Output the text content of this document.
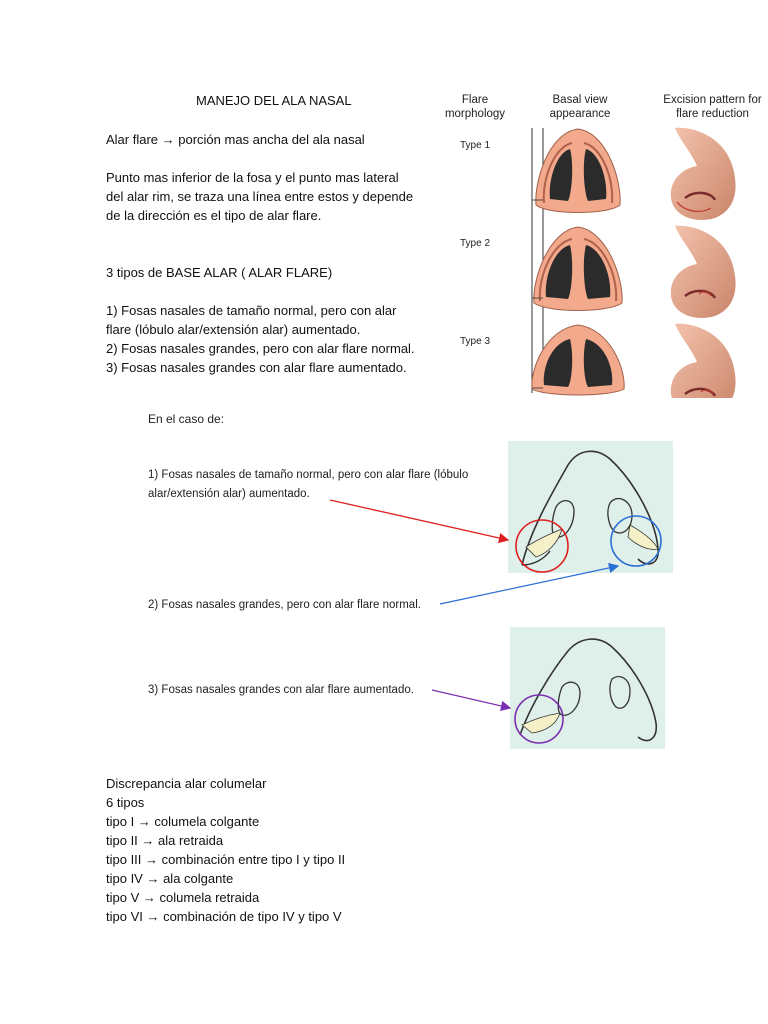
MANEJO DEL ALA NASAL
Alar flare → porción mas ancha del ala nasal
Punto mas inferior de la fosa y el punto mas lateral
del alar rim, se traza una línea entre estos y depende
de la dirección es el tipo de alar flare.
3 tipos de BASE ALAR ( ALAR FLARE)
1) Fosas nasales de tamaño normal, pero con alar
flare (lóbulo alar/extensión alar) aumentado.
2) Fosas nasales grandes, pero con alar flare normal.
3) Fosas nasales grandes con alar flare aumentado.
Flare
morphology
Basal view
appearance
Excision pattern for
flare reduction
Type 1
Type 2
Type 3
En el caso de:
1) Fosas nasales de tamaño normal, pero con alar flare (lóbulo
alar/extensión alar) aumentado.
2) Fosas nasales grandes, pero con alar flare normal.
3) Fosas nasales grandes con alar flare aumentado.
Discrepancia alar columelar
6 tipos
tipo I → columela colgante
tipo II → ala retraida
tipo III → combinación entre tipo I y tipo II
tipo IV → ala colgante
tipo V → columela retraida
tipo VI → combinación de tipo IV y tipo V
